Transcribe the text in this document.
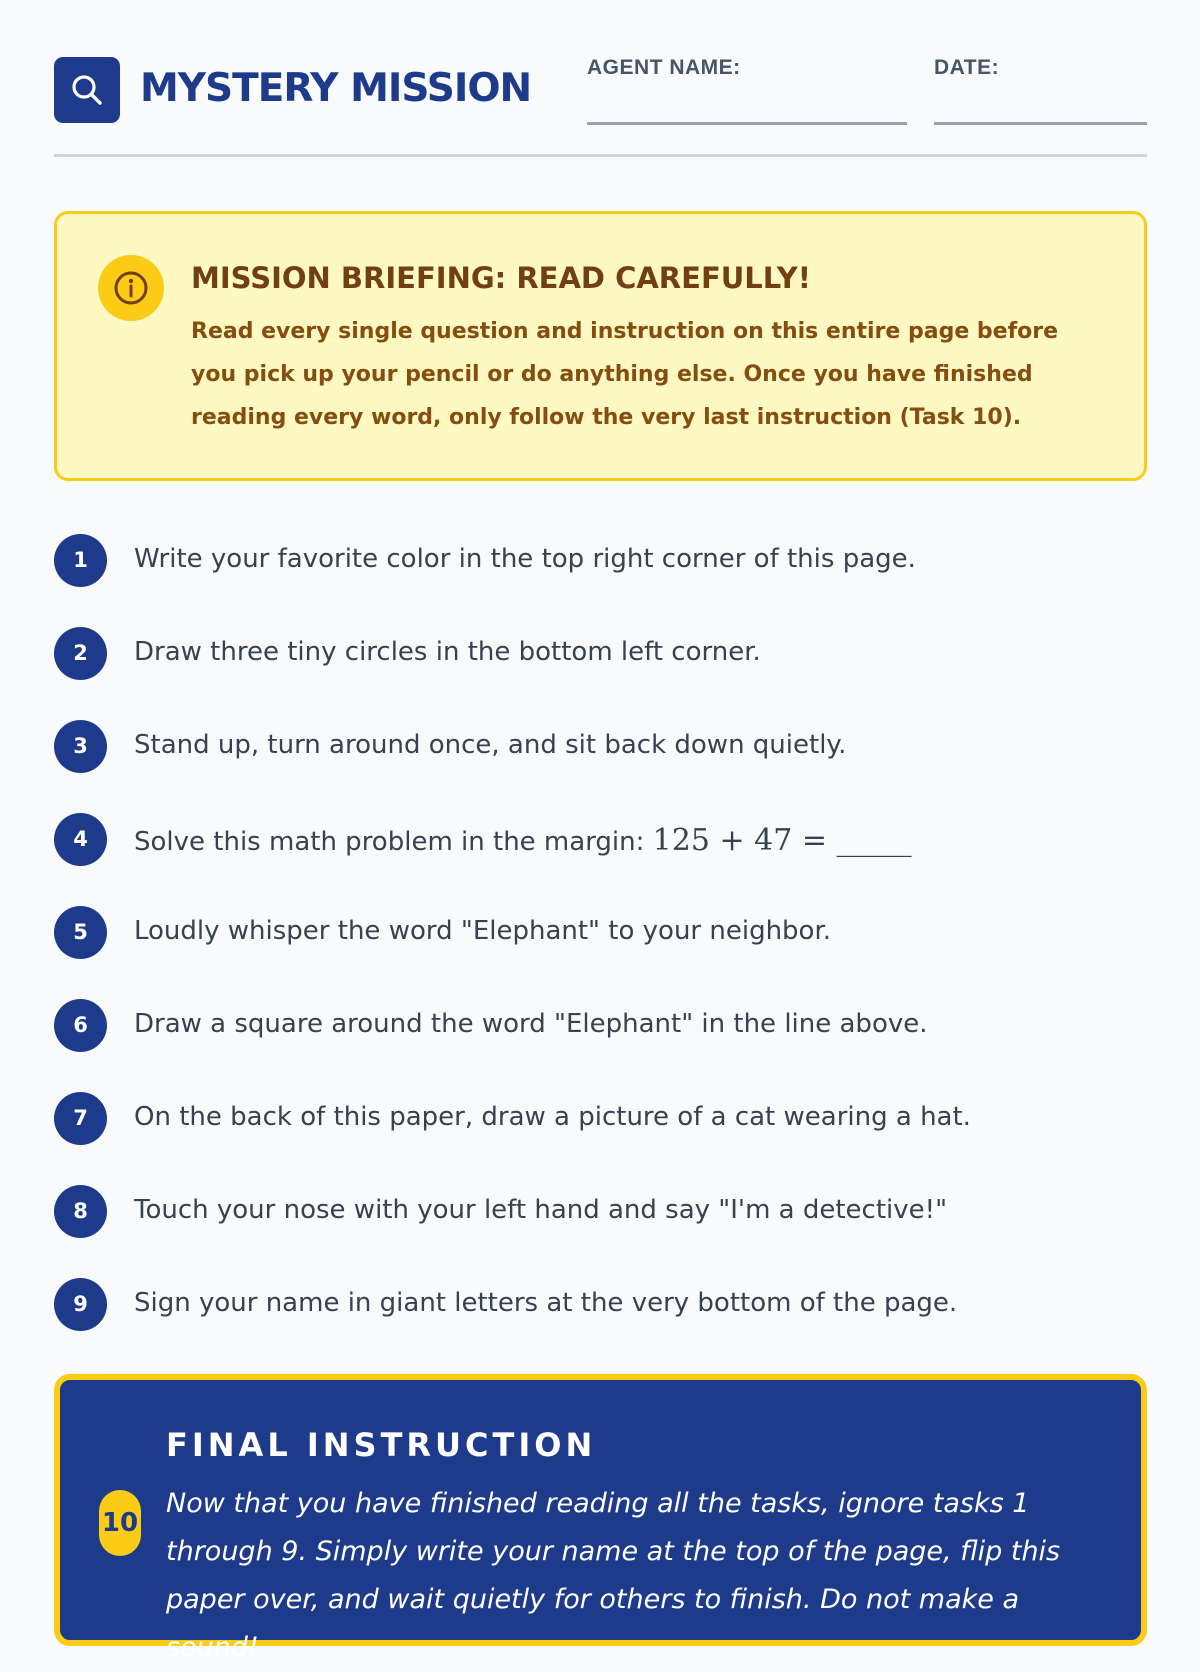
MYSTERY MISSION	AGENT NAME:	DATE:
MISSION BRIEFING: READ CAREFULLY!
Read every single question and instruction on this entire page before you pick up your pencil or do anything else. Once you have finished reading every word, only follow the very last instruction (Task 10).
1	Write your favorite color in the top right corner of this page.
2	Draw three tiny circles in the bottom left corner.
3	Stand up, turn around once, and sit back down quietly.
4	Solve this math problem in the margin: 125 + 47 = _____
5	Loudly whisper the word "Elephant" to your neighbor.
6	Draw a square around the word "Elephant" in the line above.
7	On the back of this paper, draw a picture of a cat wearing a hat.
8	Touch your nose with your left hand and say "I'm a detective!"
9	Sign your name in giant letters at the very bottom of the page.
10
FINAL INSTRUCTION
Now that you have finished reading all the tasks, ignore tasks 1 through 9. Simply write your name at the top of the page, flip this paper over, and wait quietly for others to finish. Do not make a sound!
